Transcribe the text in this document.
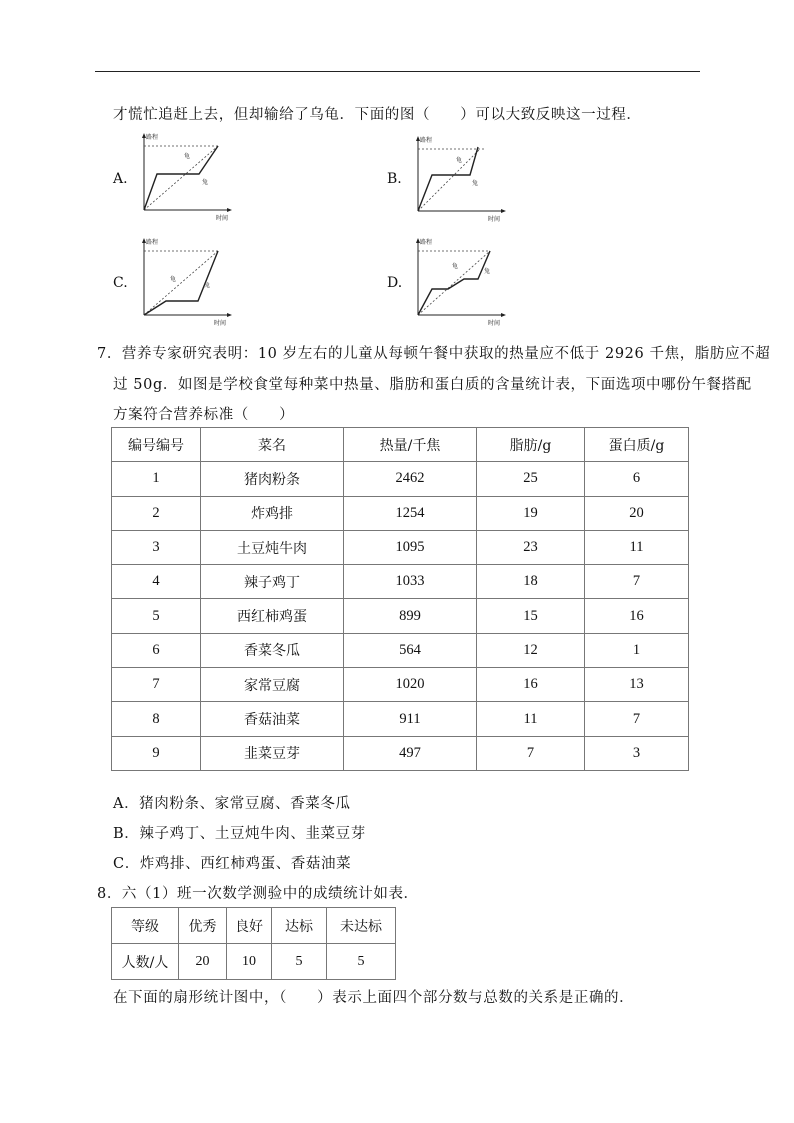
才慌忙追赶上去，但却输给了乌龟．下面的图（　　）可以大致反映这一过程．
A.
路程
时间
龟
兔	B.
路程
时间
龟
兔
C.
路程
时间
龟
兔	D.
路程
时间
龟
兔
7．营养专家研究表明：10 岁左右的儿童从每顿午餐中获取的热量应不低于 2926 千焦，脂肪应不超
过 50g．如图是学校食堂每种菜中热量、脂肪和蛋白质的含量统计表，下面选项中哪份午餐搭配
方案符合营养标准（　　）
编号编号	菜名	热量/千焦	脂肪/g	蛋白质/g
1	猪肉粉条	2462	25	6
2	炸鸡排	1254	19	20
3	土豆炖牛肉	1095	23	11
4	辣子鸡丁	1033	18	7
5	西红柿鸡蛋	899	15	16
6	香菜冬瓜	564	12	1
7	家常豆腐	1020	16	13
8	香菇油菜	911	11	7
9	韭菜豆芽	497	7	3
A．猪肉粉条、家常豆腐、香菜冬瓜
B．辣子鸡丁、土豆炖牛肉、韭菜豆芽
C．炸鸡排、西红柿鸡蛋、香菇油菜
8．六（1）班一次数学测验中的成绩统计如表．
等级	优秀	良好	达标	未达标
人数/人	20	10	5	5
在下面的扇形统计图中，（　　）表示上面四个部分数与总数的关系是正确的．
